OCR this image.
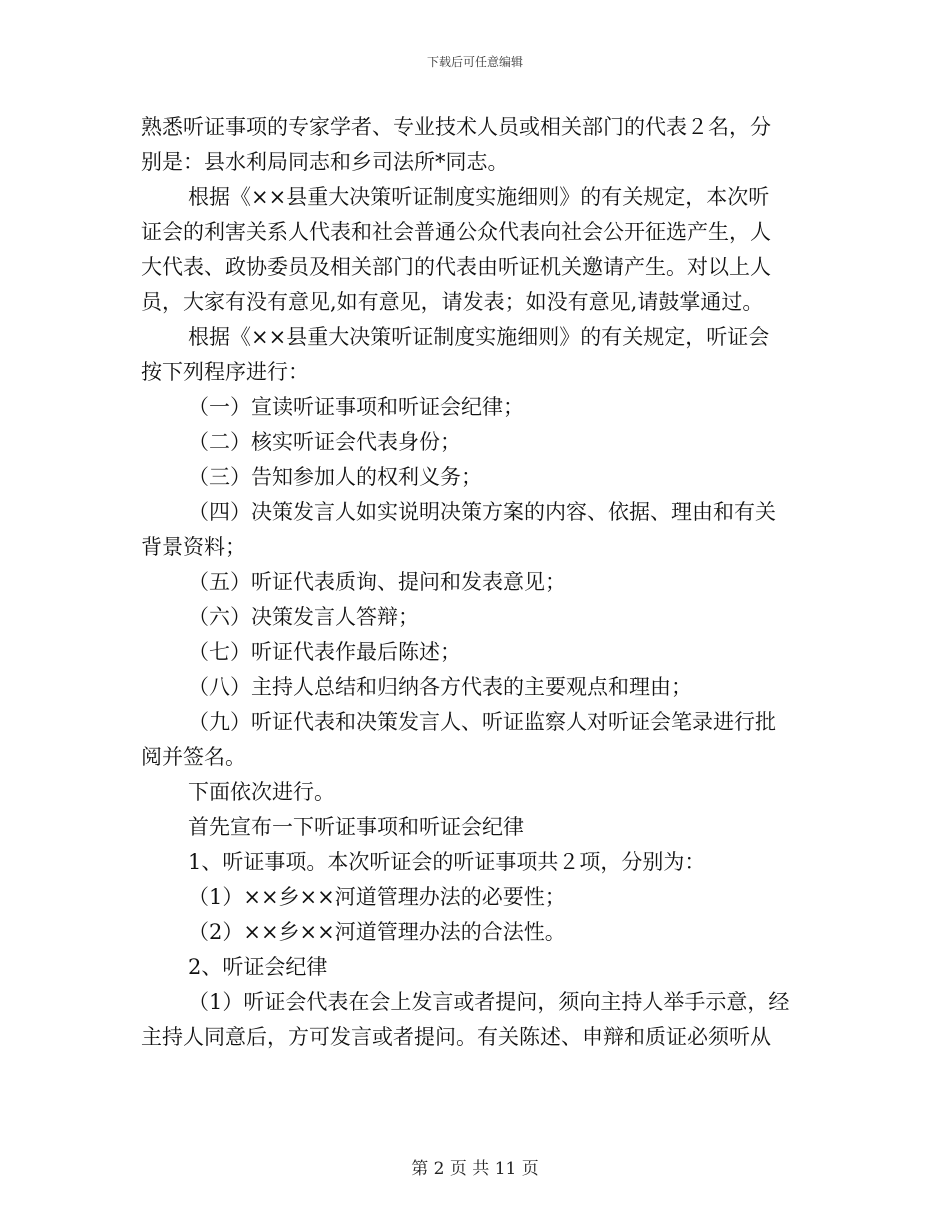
下载后可任意编辑
熟悉听证事项的专家学者、专业技术人员或相关部门的代表２名，分
别是：县水利局同志和乡司法所*同志。
根据《××县重大决策听证制度实施细则》的有关规定，本次听
证会的利害关系人代表和社会普通公众代表向社会公开征选产生，人
大代表、政协委员及相关部门的代表由听证机关邀请产生。对以上人
员，大家有没有意见,如有意见，请发表；如没有意见,请鼓掌通过。
根据《××县重大决策听证制度实施细则》的有关规定，听证会
按下列程序进行：
（一）宣读听证事项和听证会纪律；
（二）核实听证会代表身份；
（三）告知参加人的权利义务；
（四）决策发言人如实说明决策方案的内容、依据、理由和有关
背景资料；
（五）听证代表质询、提问和发表意见；
（六）决策发言人答辩；
（七）听证代表作最后陈述；
（八）主持人总结和归纳各方代表的主要观点和理由；
（九）听证代表和决策发言人、听证监察人对听证会笔录进行批
阅并签名。
下面依次进行。
首先宣布一下听证事项和听证会纪律
1、听证事项。本次听证会的听证事项共２项，分别为：
（1）××乡××河道管理办法的必要性；
（2）××乡××河道管理办法的合法性。
2、听证会纪律
（1）听证会代表在会上发言或者提问，须向主持人举手示意，经
主持人同意后，方可发言或者提问。有关陈述、申辩和质证必须听从
第 2 页 共 11 页
